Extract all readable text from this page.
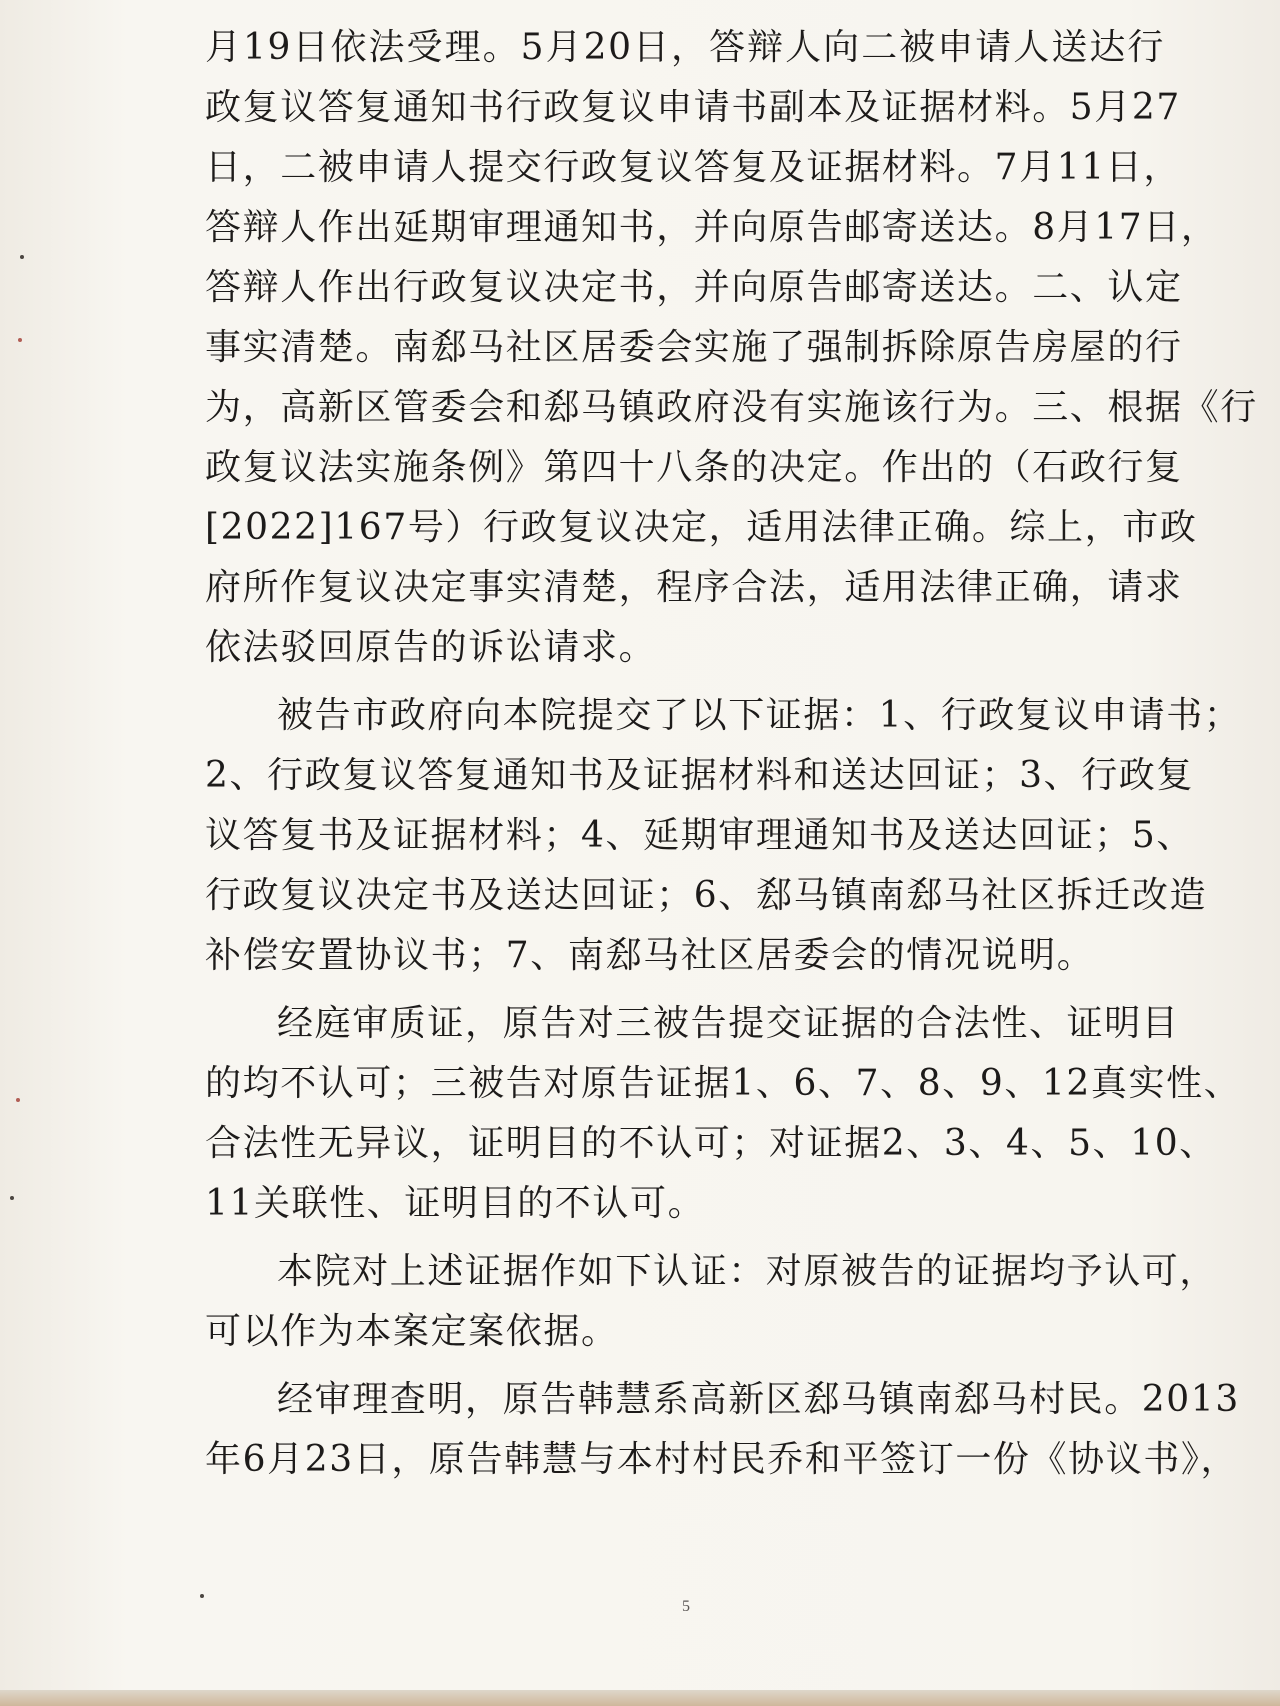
月19日依法受理。5月20日，答辩人向二被申请人送达行
政复议答复通知书行政复议申请书副本及证据材料。5月27
日，二被申请人提交行政复议答复及证据材料。7月11日，
答辩人作出延期审理通知书，并向原告邮寄送达。8月17日，
答辩人作出行政复议决定书，并向原告邮寄送达。二、认定
事实清楚。南郄马社区居委会实施了强制拆除原告房屋的行
为，高新区管委会和郄马镇政府没有实施该行为。三、根据《行
政复议法实施条例》第四十八条的决定。作出的（石政行复
[2022]167号）行政复议决定，适用法律正确。综上，市政
府所作复议决定事实清楚，程序合法，适用法律正确，请求
依法驳回原告的诉讼请求。
被告市政府向本院提交了以下证据：1、行政复议申请书；
2、行政复议答复通知书及证据材料和送达回证；3、行政复
议答复书及证据材料；4、延期审理通知书及送达回证；5、
行政复议决定书及送达回证；6、郄马镇南郄马社区拆迁改造
补偿安置协议书；7、南郄马社区居委会的情况说明。
经庭审质证，原告对三被告提交证据的合法性、证明目
的均不认可；三被告对原告证据1、6、7、8、9、12真实性、
合法性无异议，证明目的不认可；对证据2、3、4、5、10、
11关联性、证明目的不认可。
本院对上述证据作如下认证：对原被告的证据均予认可，
可以作为本案定案依据。
经审理查明，原告韩慧系高新区郄马镇南郄马村民。2013
年6月23日，原告韩慧与本村村民乔和平签订一份《协议书》，
5
